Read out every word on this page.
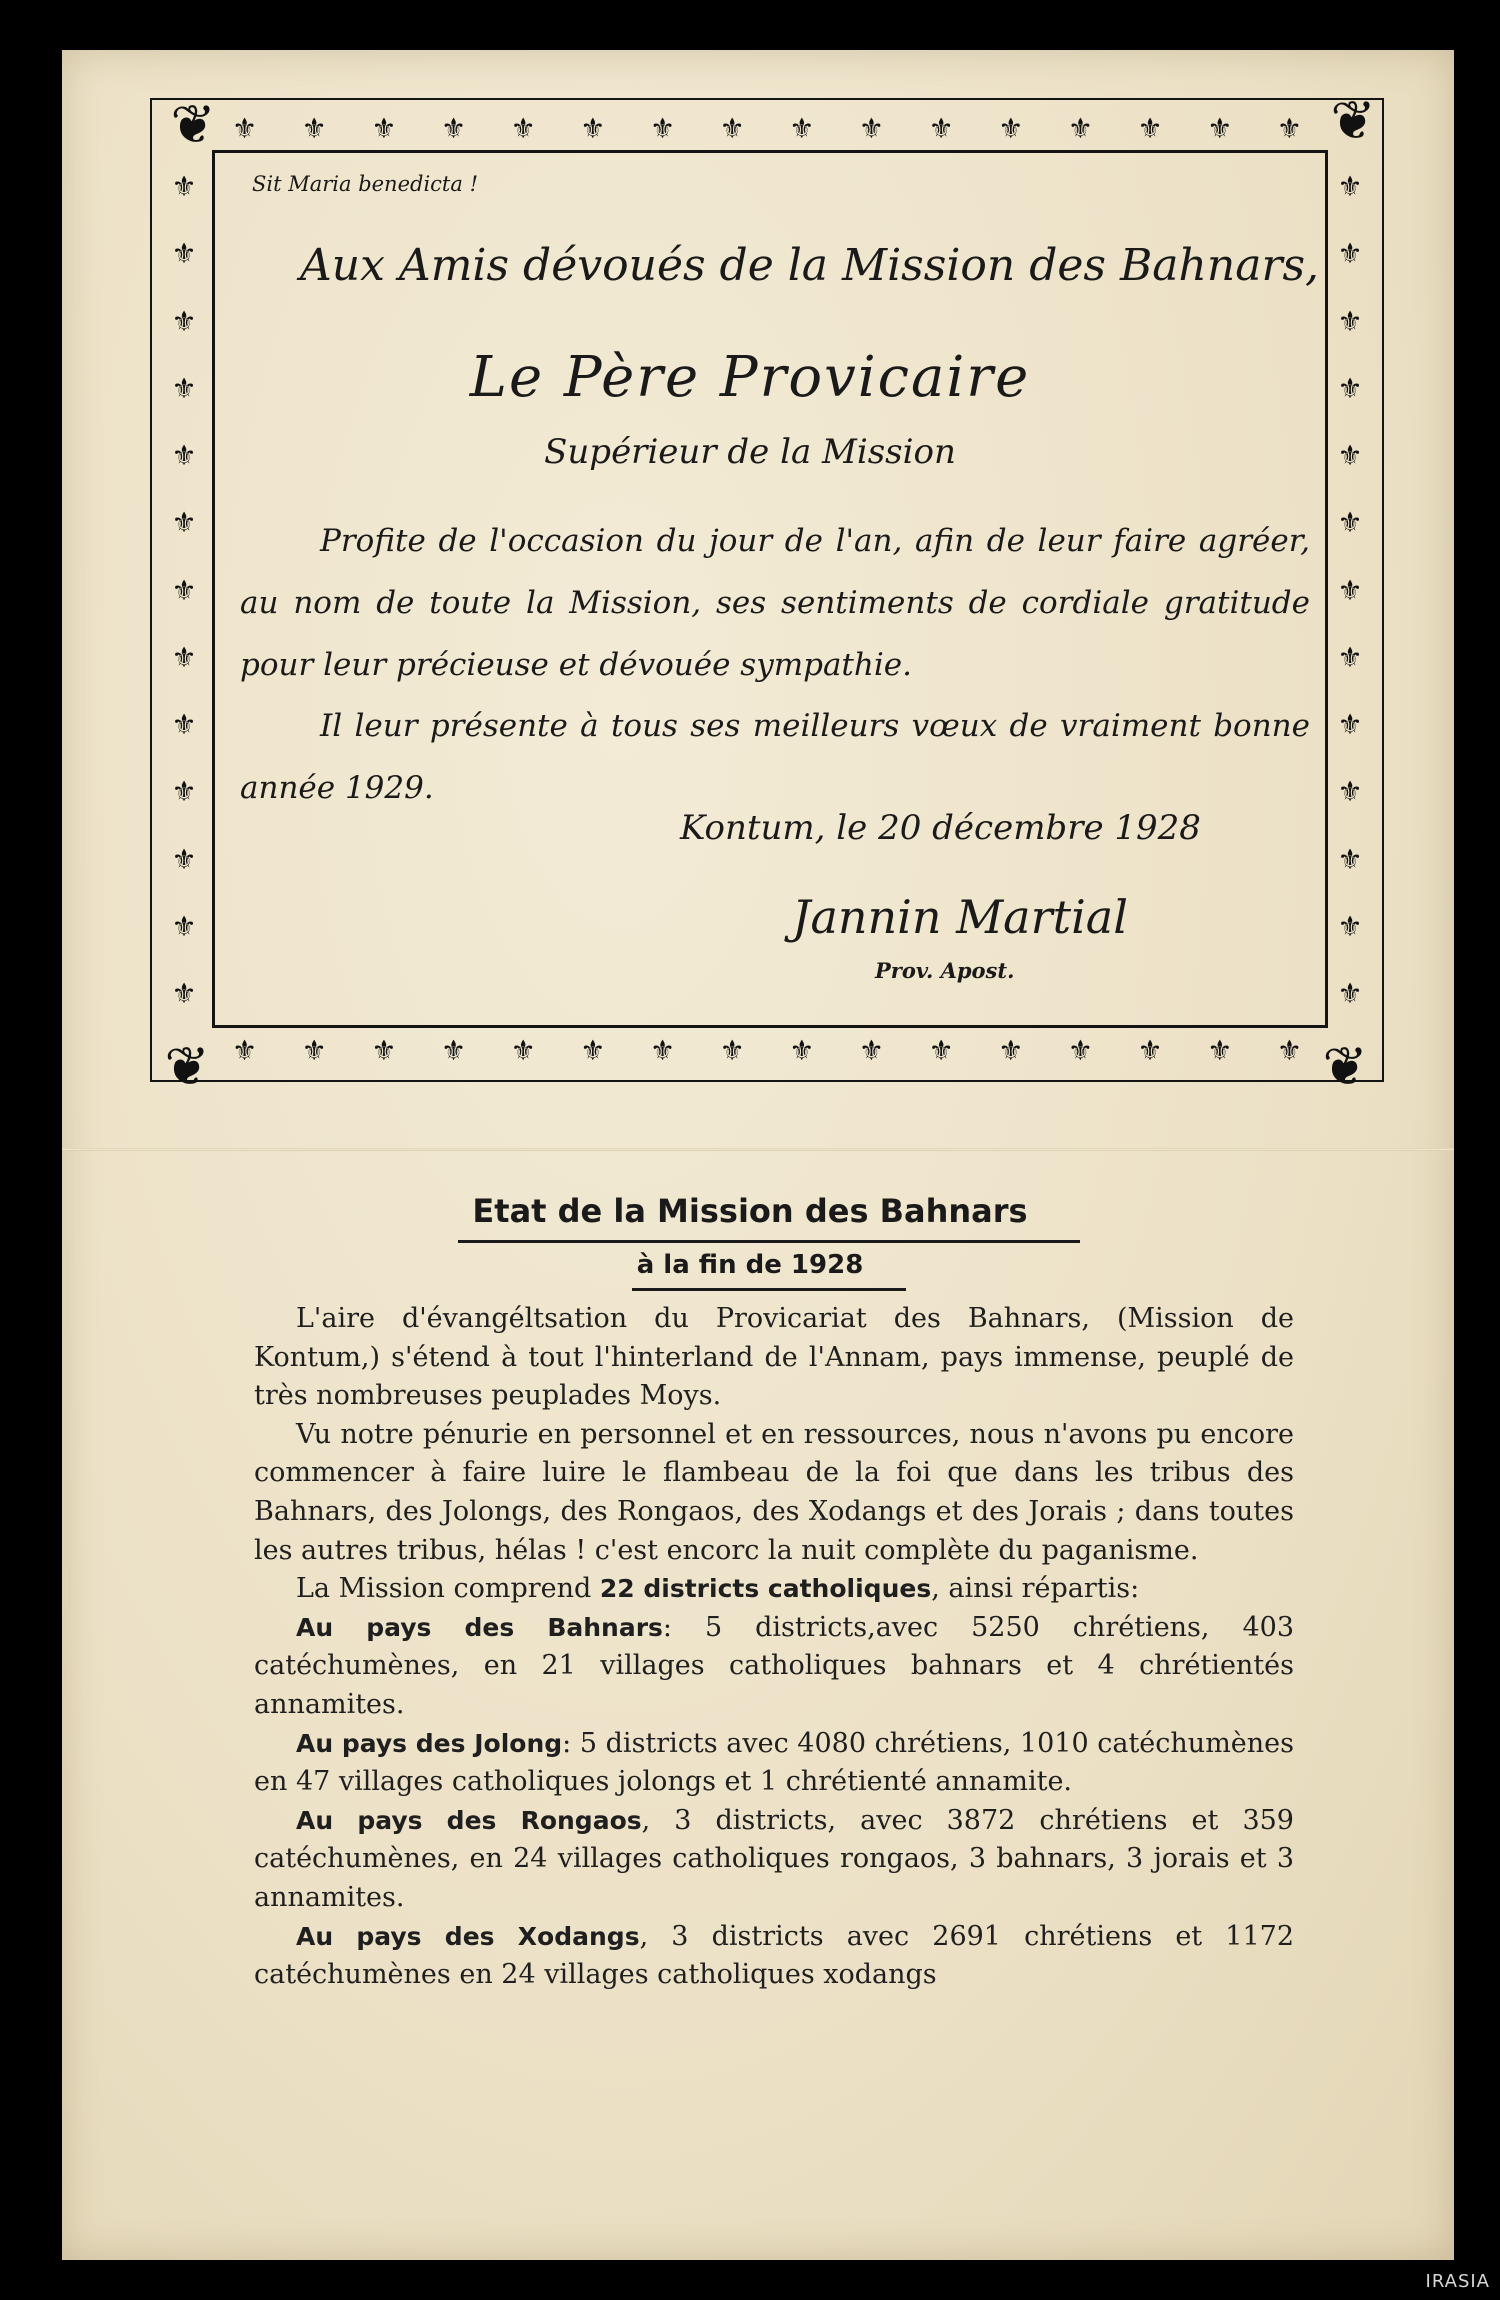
⚜ ⚜ ⚜ ⚜ ⚜ ⚜ ⚜ ⚜ ⚜ ⚜ ⚜ ⚜ ⚜ ⚜ ⚜ ⚜
⚜ ⚜ ⚜ ⚜ ⚜ ⚜ ⚜ ⚜ ⚜ ⚜ ⚜ ⚜ ⚜ ⚜ ⚜ ⚜
⚜
⚜
⚜
⚜
⚜
⚜
⚜
⚜
⚜
⚜
⚜
⚜
⚜
⚜
⚜
⚜
⚜
⚜
⚜
⚜
⚜
⚜
⚜
⚜
⚜
⚜
❦	❦
❦	❦
Sit Maria benedicta !
Aux Amis dévoués de la Mission des Bahnars,
Le Père Provicaire
Supérieur de la Mission
Profite de l'occasion du jour de l'an, afin de leur faire agréer, au nom de toute la Mission, ses sentiments de cordiale gratitude pour leur précieuse et dévouée sympathie.
Il leur présente à tous ses meilleurs vœux de vraiment bonne année 1929.
Kontum, le 20 décembre 1928
Jannin Martial
Prov. Apost.
Etat de la Mission des Bahnars
à la fin de 1928

L'aire d'évangéltsation du Provicariat des Bahnars, (Mission de Kontum,) s'étend à tout l'hinterland de l'Annam, pays immense, peuplé de très nombreuses peuplades Moys.

Vu notre pénurie en personnel et en ressources, nous n'avons pu encore commencer à faire luire le flambeau de la foi que dans les tribus des Bahnars, des Jolongs, des Rongaos, des Xodangs et des Jorais ; dans toutes les autres tribus, hélas ! c'est encorc la nuit complète du paganisme.

La Mission comprend 22 districts catholiques, ainsi répartis:

Au pays des Bahnars: 5 districts,avec 5250 chrétiens, 403 catéchumènes, en 21 villages catholiques bahnars et 4 chrétientés annamites.

Au pays des Jolong: 5 districts avec 4080 chrétiens, 1010 catéchumènes en 47 villages catholiques jolongs et 1 chrétienté annamite.

Au pays des Rongaos, 3 districts, avec 3872 chrétiens et 359 catéchumènes, en 24 villages catholiques rongaos, 3 bahnars, 3 jorais et 3 annamites.

Au pays des Xodangs, 3 districts avec 2691 chrétiens et 1172 catéchumènes en 24 villages catholiques xodangs

IRASIA
